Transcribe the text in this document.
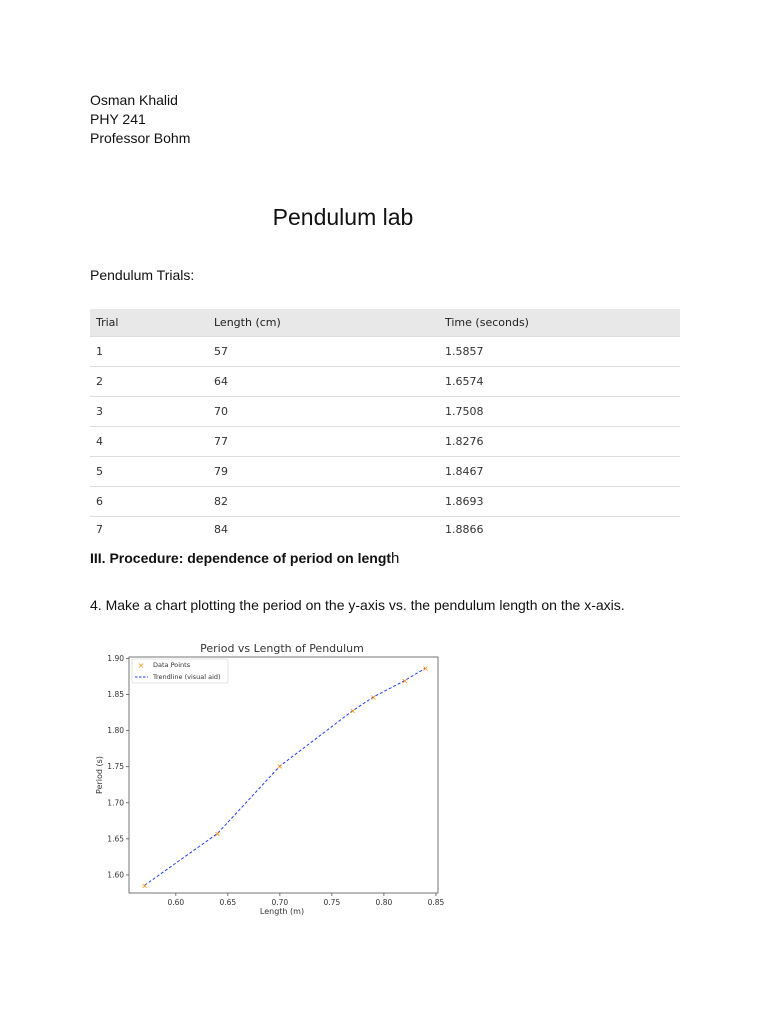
Osman Khalid
PHY 241
Professor Bohm
Pendulum lab
Pendulum Trials:
Trial	Length (cm)	Time (seconds)
1	57	1.5857
2	64	1.6574
3	70	1.7508
4	77	1.8276
5	79	1.8467
6	82	1.8693
7	84	1.8866
III. Procedure: dependence of period on length
4. Make a chart plotting the period on the y-axis vs. the pendulum length on the x-axis.
Period vs Length of Pendulum
1.60
1.65
1.70
1.75
1.80
1.85
1.90
0.60	0.65	0.70	0.75	0.80	0.85
×
×
×
×
×
×
×
Length (m)
Period (s)
× Data Points
Trendline (visual aid)
